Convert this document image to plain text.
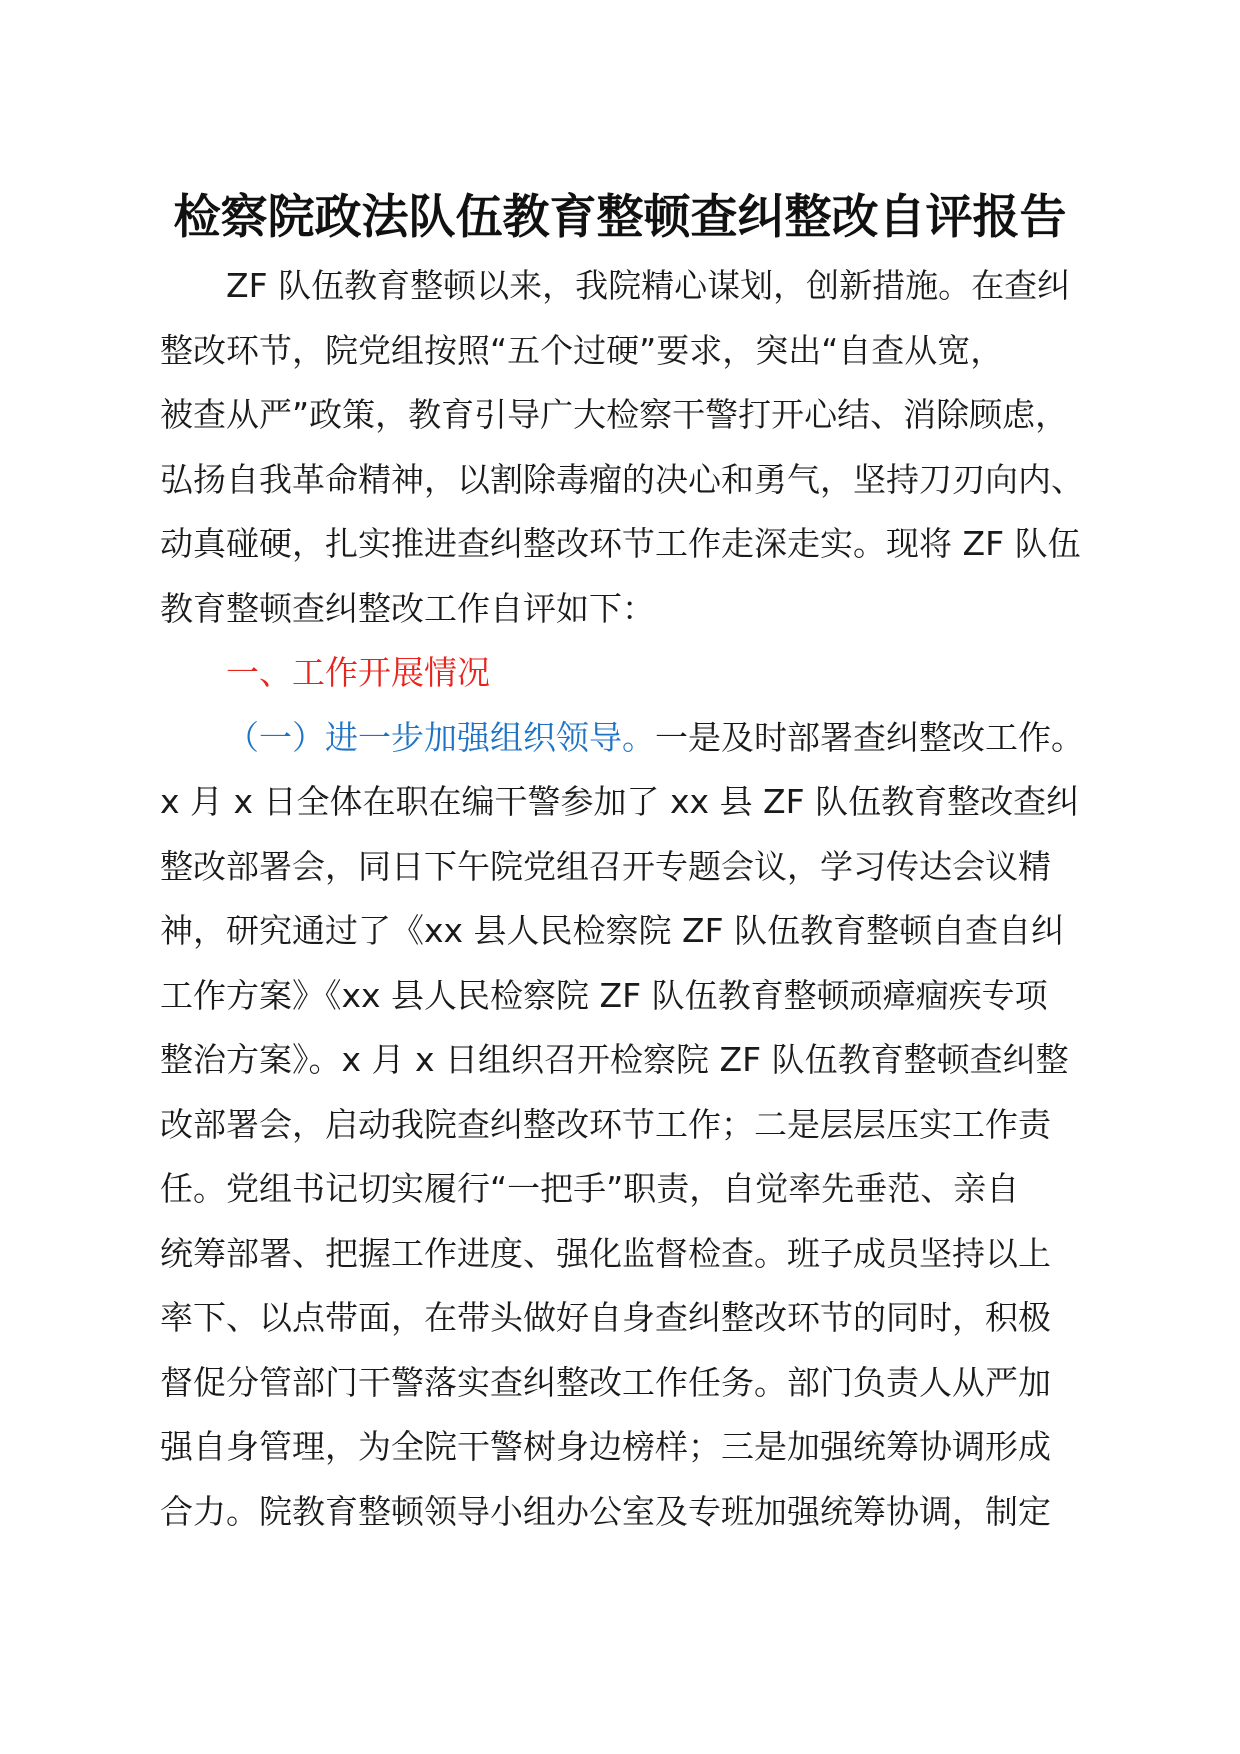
检察院政法队伍教育整顿查纠整改自评报告
ZF 队伍教育整顿以来，我院精心谋划，创新措施。在查纠
整改环节，院党组按照“五个过硬”要求，突出“自查从宽，
被查从严”政策，教育引导广大检察干警打开心结、消除顾虑，
弘扬自我革命精神，以割除毒瘤的决心和勇气，坚持刀刃向内、
动真碰硬，扎实推进查纠整改环节工作走深走实。现将 ZF 队伍
教育整顿查纠整改工作自评如下：
一、工作开展情况
（一）进一步加强组织领导。一是及时部署查纠整改工作。
x 月 x 日全体在职在编干警参加了 xx 县 ZF 队伍教育整改查纠
整改部署会，同日下午院党组召开专题会议，学习传达会议精
神，研究通过了《xx 县人民检察院 ZF 队伍教育整顿自查自纠
工作方案》《xx 县人民检察院 ZF 队伍教育整顿顽瘴痼疾专项
整治方案》。x 月 x 日组织召开检察院 ZF 队伍教育整顿查纠整
改部署会，启动我院查纠整改环节工作；二是层层压实工作责
任。党组书记切实履行“一把手”职责，自觉率先垂范、亲自
统筹部署、把握工作进度、强化监督检查。班子成员坚持以上
率下、以点带面，在带头做好自身查纠整改环节的同时，积极
督促分管部门干警落实查纠整改工作任务。部门负责人从严加
强自身管理，为全院干警树身边榜样；三是加强统筹协调形成
合力。院教育整顿领导小组办公室及专班加强统筹协调，制定
